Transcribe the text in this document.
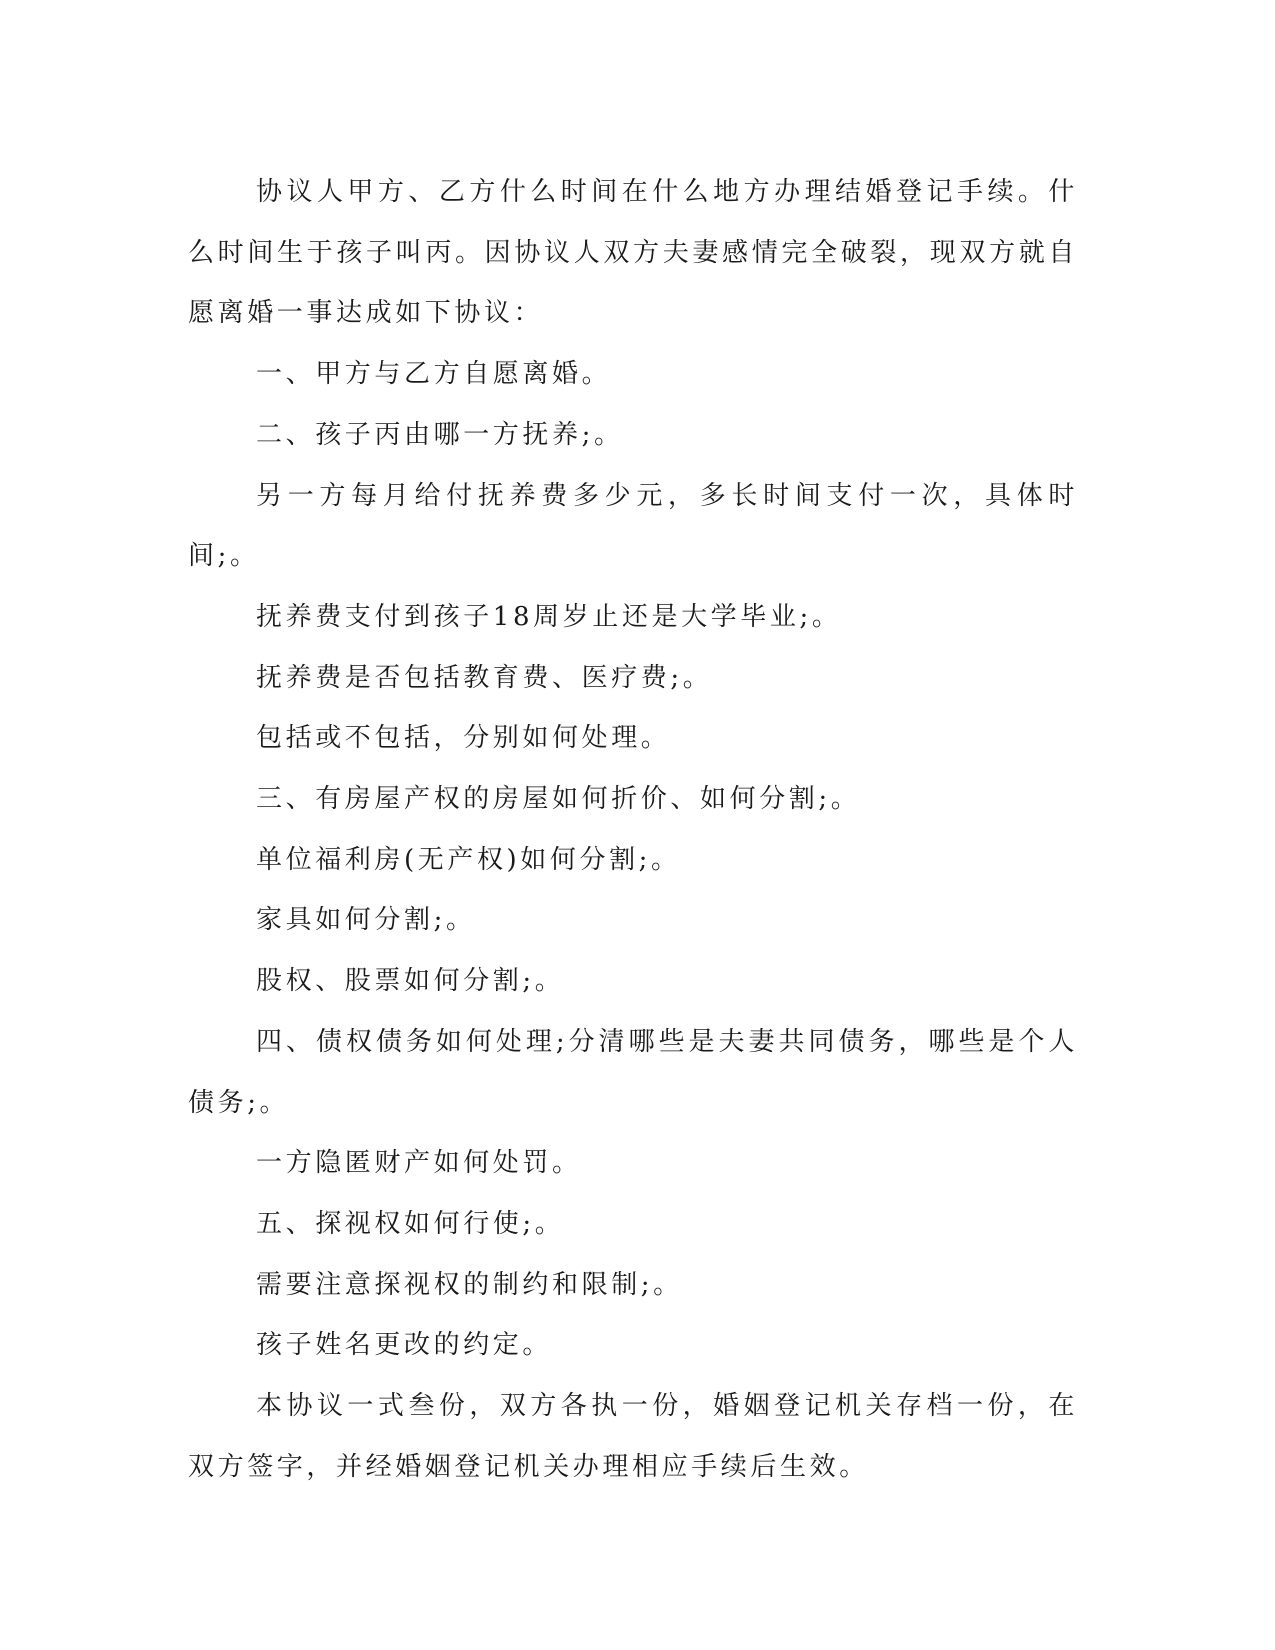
协议人甲方、乙方什么时间在什么地方办理结婚登记手续。什么时间生于孩子叫丙。因协议人双方夫妻感情完全破裂，现双方就自愿离婚一事达成如下协议：

一、甲方与乙方自愿离婚。

二、孩子丙由哪一方抚养;。

另一方每月给付抚养费多少元，多长时间支付一次，具体时间;。

抚养费支付到孩子18周岁止还是大学毕业;。

抚养费是否包括教育费、医疗费;。

包括或不包括，分别如何处理。

三、有房屋产权的房屋如何折价、如何分割;。

单位福利房(无产权)如何分割;。

家具如何分割;。

股权、股票如何分割;。

四、债权债务如何处理;分清哪些是夫妻共同债务，哪些是个人债务;。

一方隐匿财产如何处罚。

五、探视权如何行使;。

需要注意探视权的制约和限制;。

孩子姓名更改的约定。

本协议一式叁份，双方各执一份，婚姻登记机关存档一份，在双方签字，并经婚姻登记机关办理相应手续后生效。
